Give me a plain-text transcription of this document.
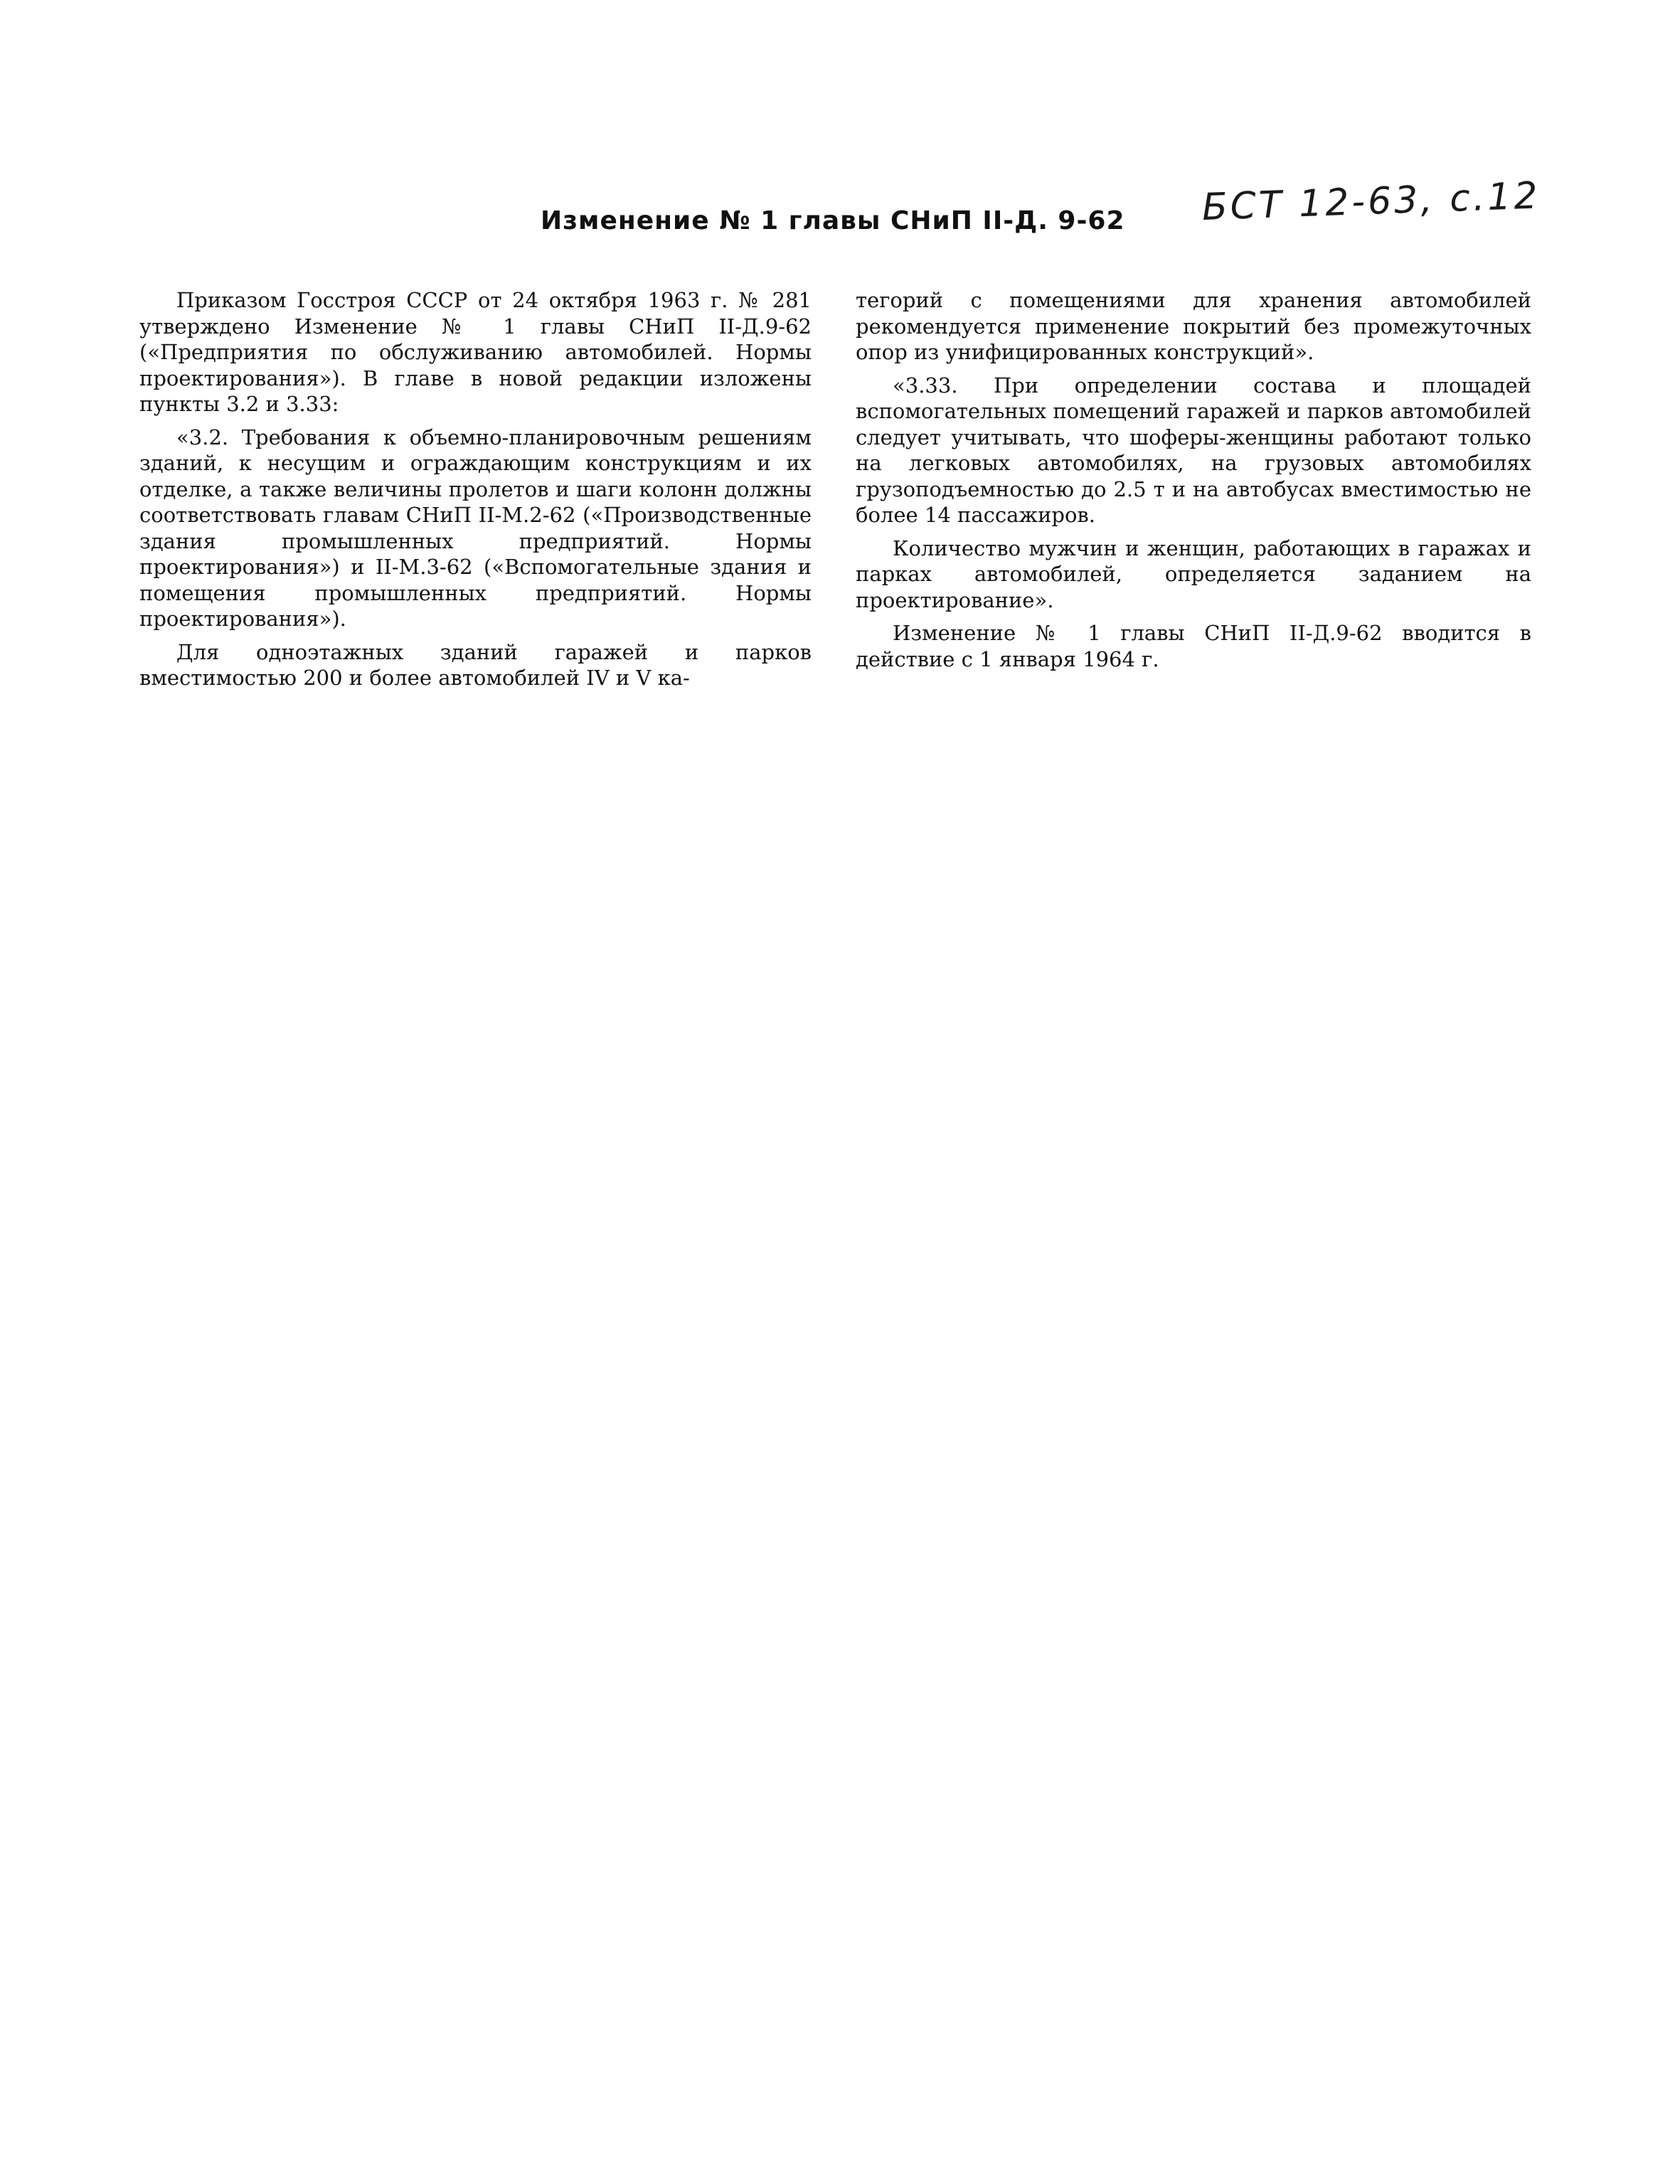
Изменение № 1 главы СНиП II-Д. 9-62 БСТ 12-63, с.12

Приказом Госстроя СССР от 24 октября 1963 г. № 281 утверждено Изменение № 1 главы СНиП II-Д.9-62 («Предприятия по обслуживанию автомобилей. Нормы проектирования»). В главе в новой редакции изложены пункты 3.2 и 3.33:

«3.2. Требования к объемно-планировочным решениям зданий, к несущим и ограждающим конструкциям и их отделке, а также величины пролетов и шаги колонн должны соответствовать главам СНиП II-М.2-62 («Производственные здания промышленных предприятий. Нормы проектирования») и II-М.3-62 («Вспомогательные здания и помещения промышленных предприятий. Нормы проектирования»).

Для одноэтажных зданий гаражей и парков вместимостью 200 и более автомобилей IV и V ка-

тегорий с помещениями для хранения автомобилей рекомендуется применение покрытий без промежуточных опор из унифицированных конструкций».

«3.33. При определении состава и площадей вспомогательных помещений гаражей и парков автомобилей следует учитывать, что шоферы-женщины работают только на легковых автомобилях, на грузовых автомобилях грузоподъемностью до 2.5 т и на автобусах вместимостью не более 14 пассажиров.

Количество мужчин и женщин, работающих в гаражах и парках автомобилей, определяется заданием на проектирование».

Изменение № 1 главы СНиП II-Д.9-62 вводится в действие с 1 января 1964 г.
